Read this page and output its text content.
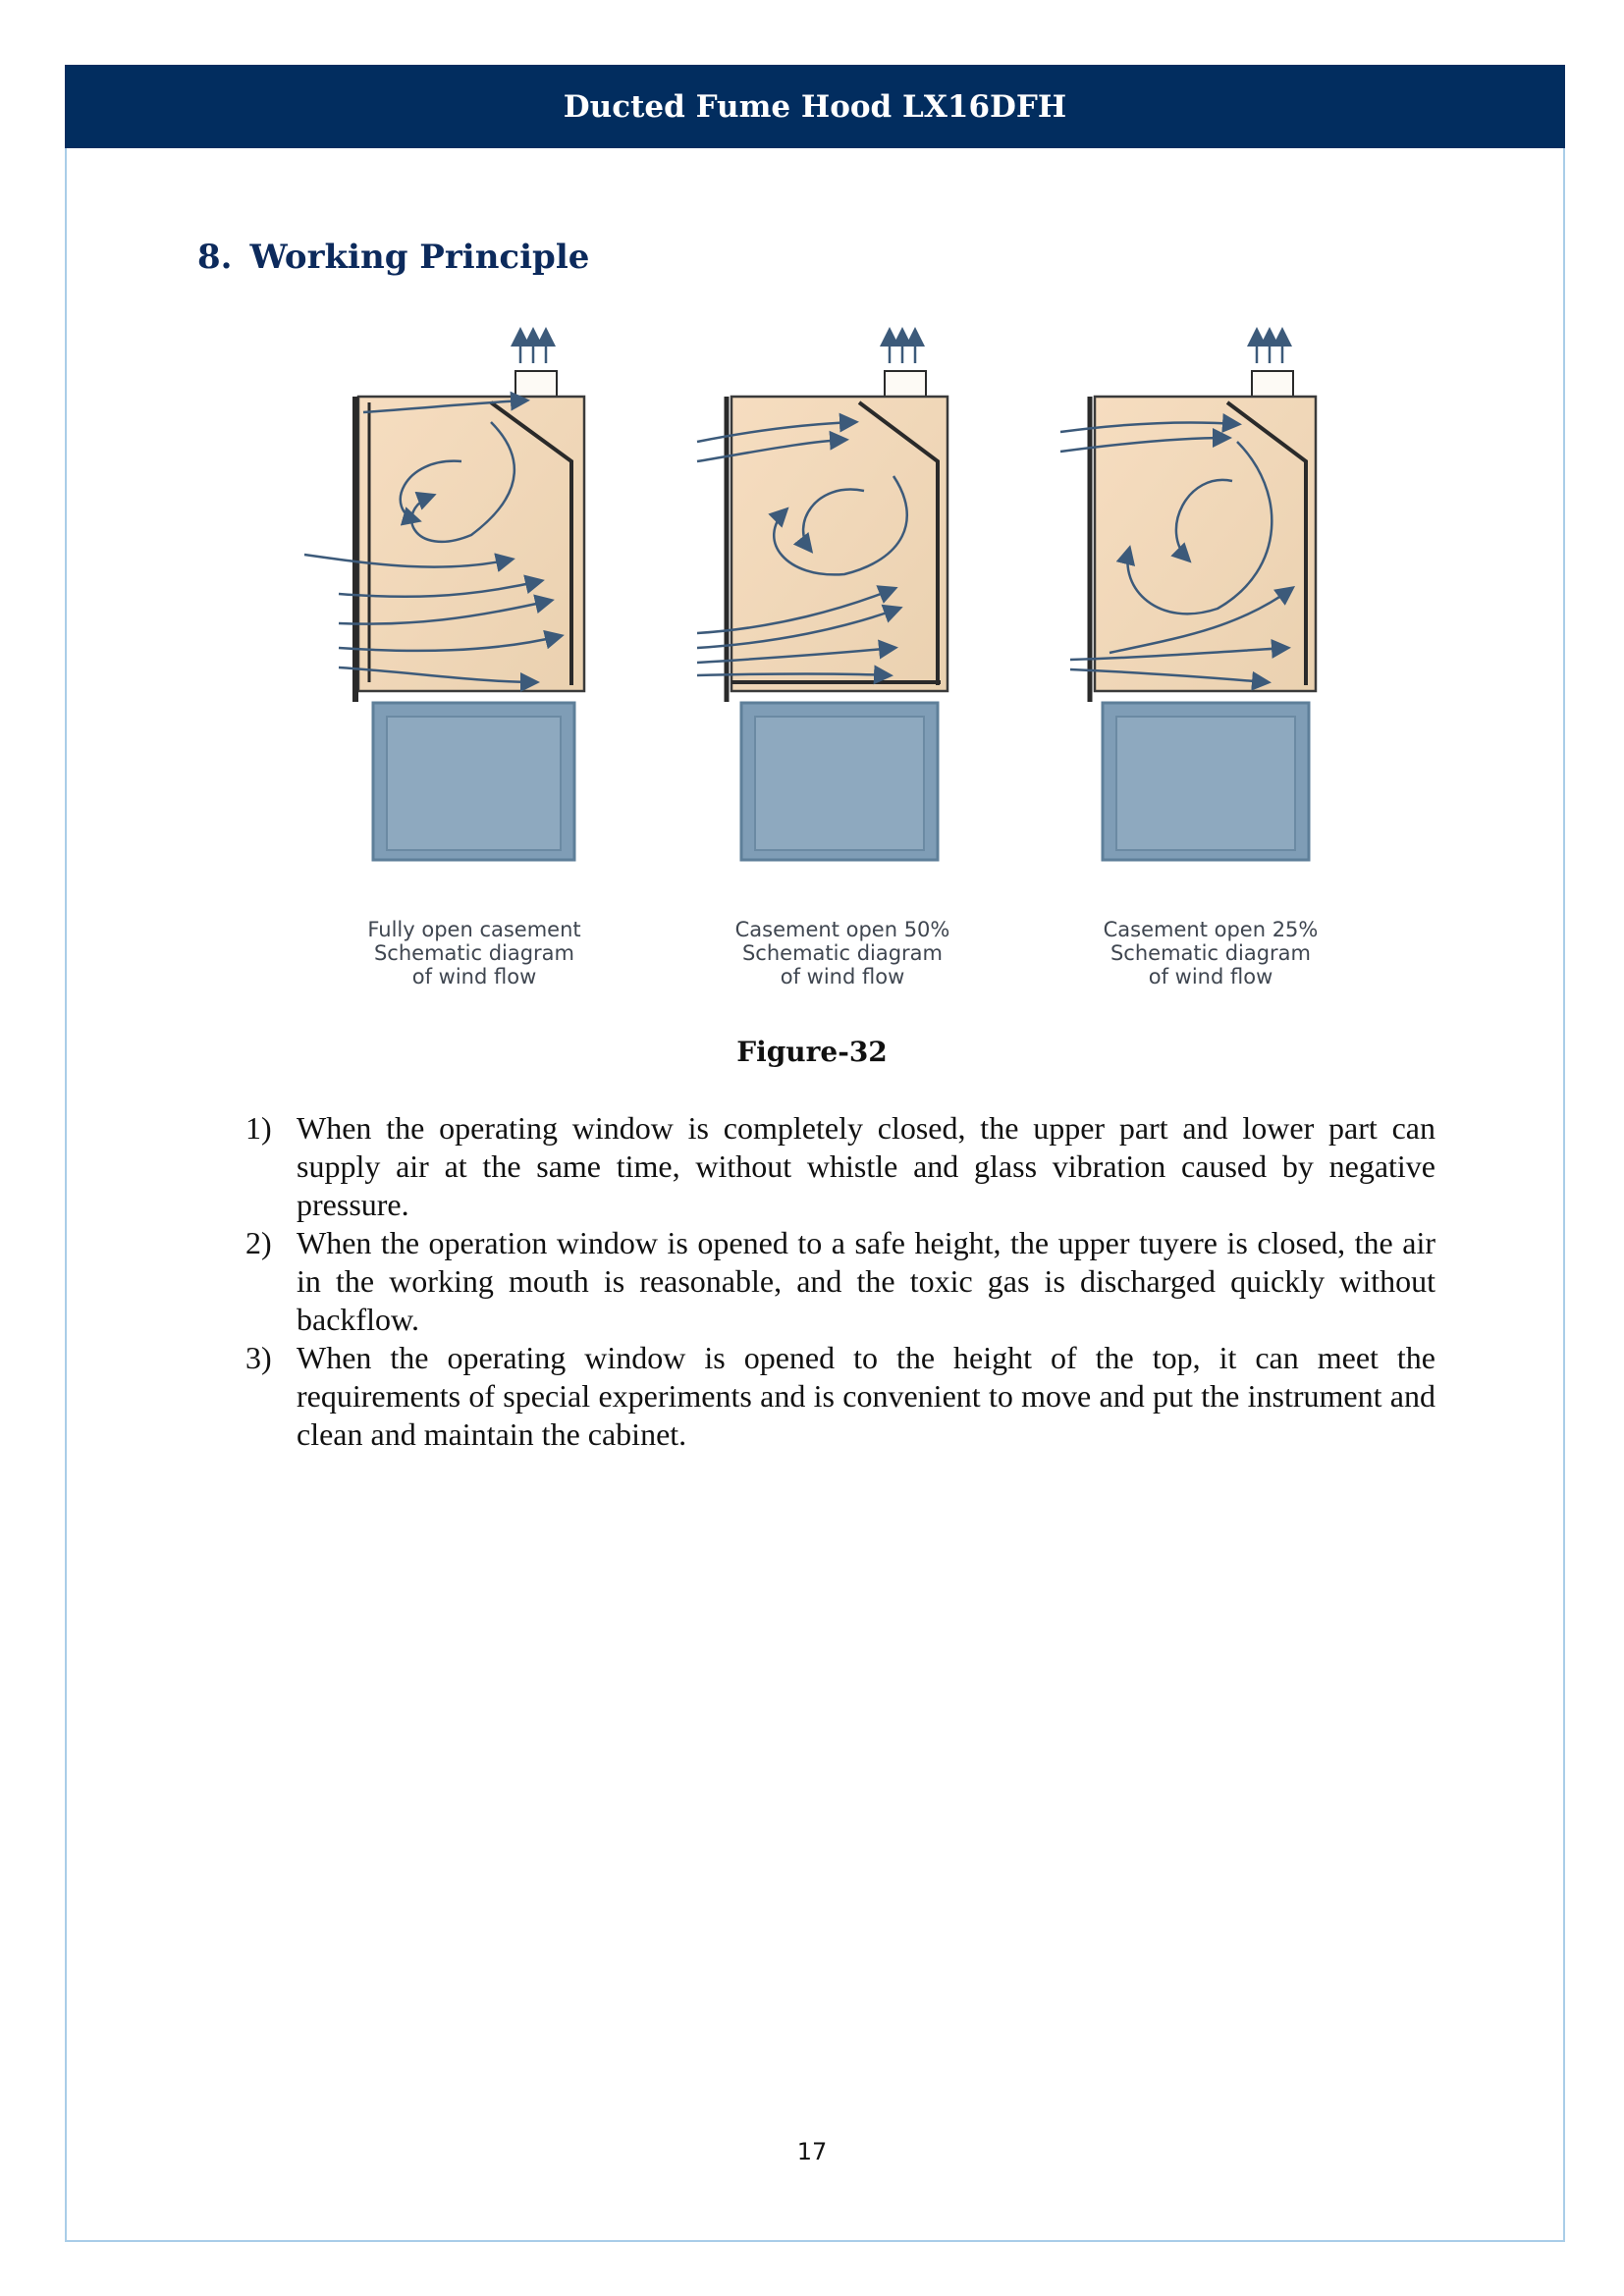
Ducted Fume Hood LX16DFH
8. Working Principle
Fully open casement
Schematic diagram
of wind flow
Casement open 50%
Schematic diagram
of wind flow
Casement open 25%
Schematic diagram
of wind flow
Figure-32
1) When the operating window is completely closed, the upper part and lower part can supply air at the same time, without whistle and glass vibration caused by negative pressure.
2) When the operation window is opened to a safe height, the upper tuyere is closed, the air in the working mouth is reasonable, and the toxic gas is discharged quickly without backflow.
3) When the operating window is opened to the height of the top, it can meet the requirements of special experiments and is convenient to move and put the instrument and clean and maintain the cabinet.
17
